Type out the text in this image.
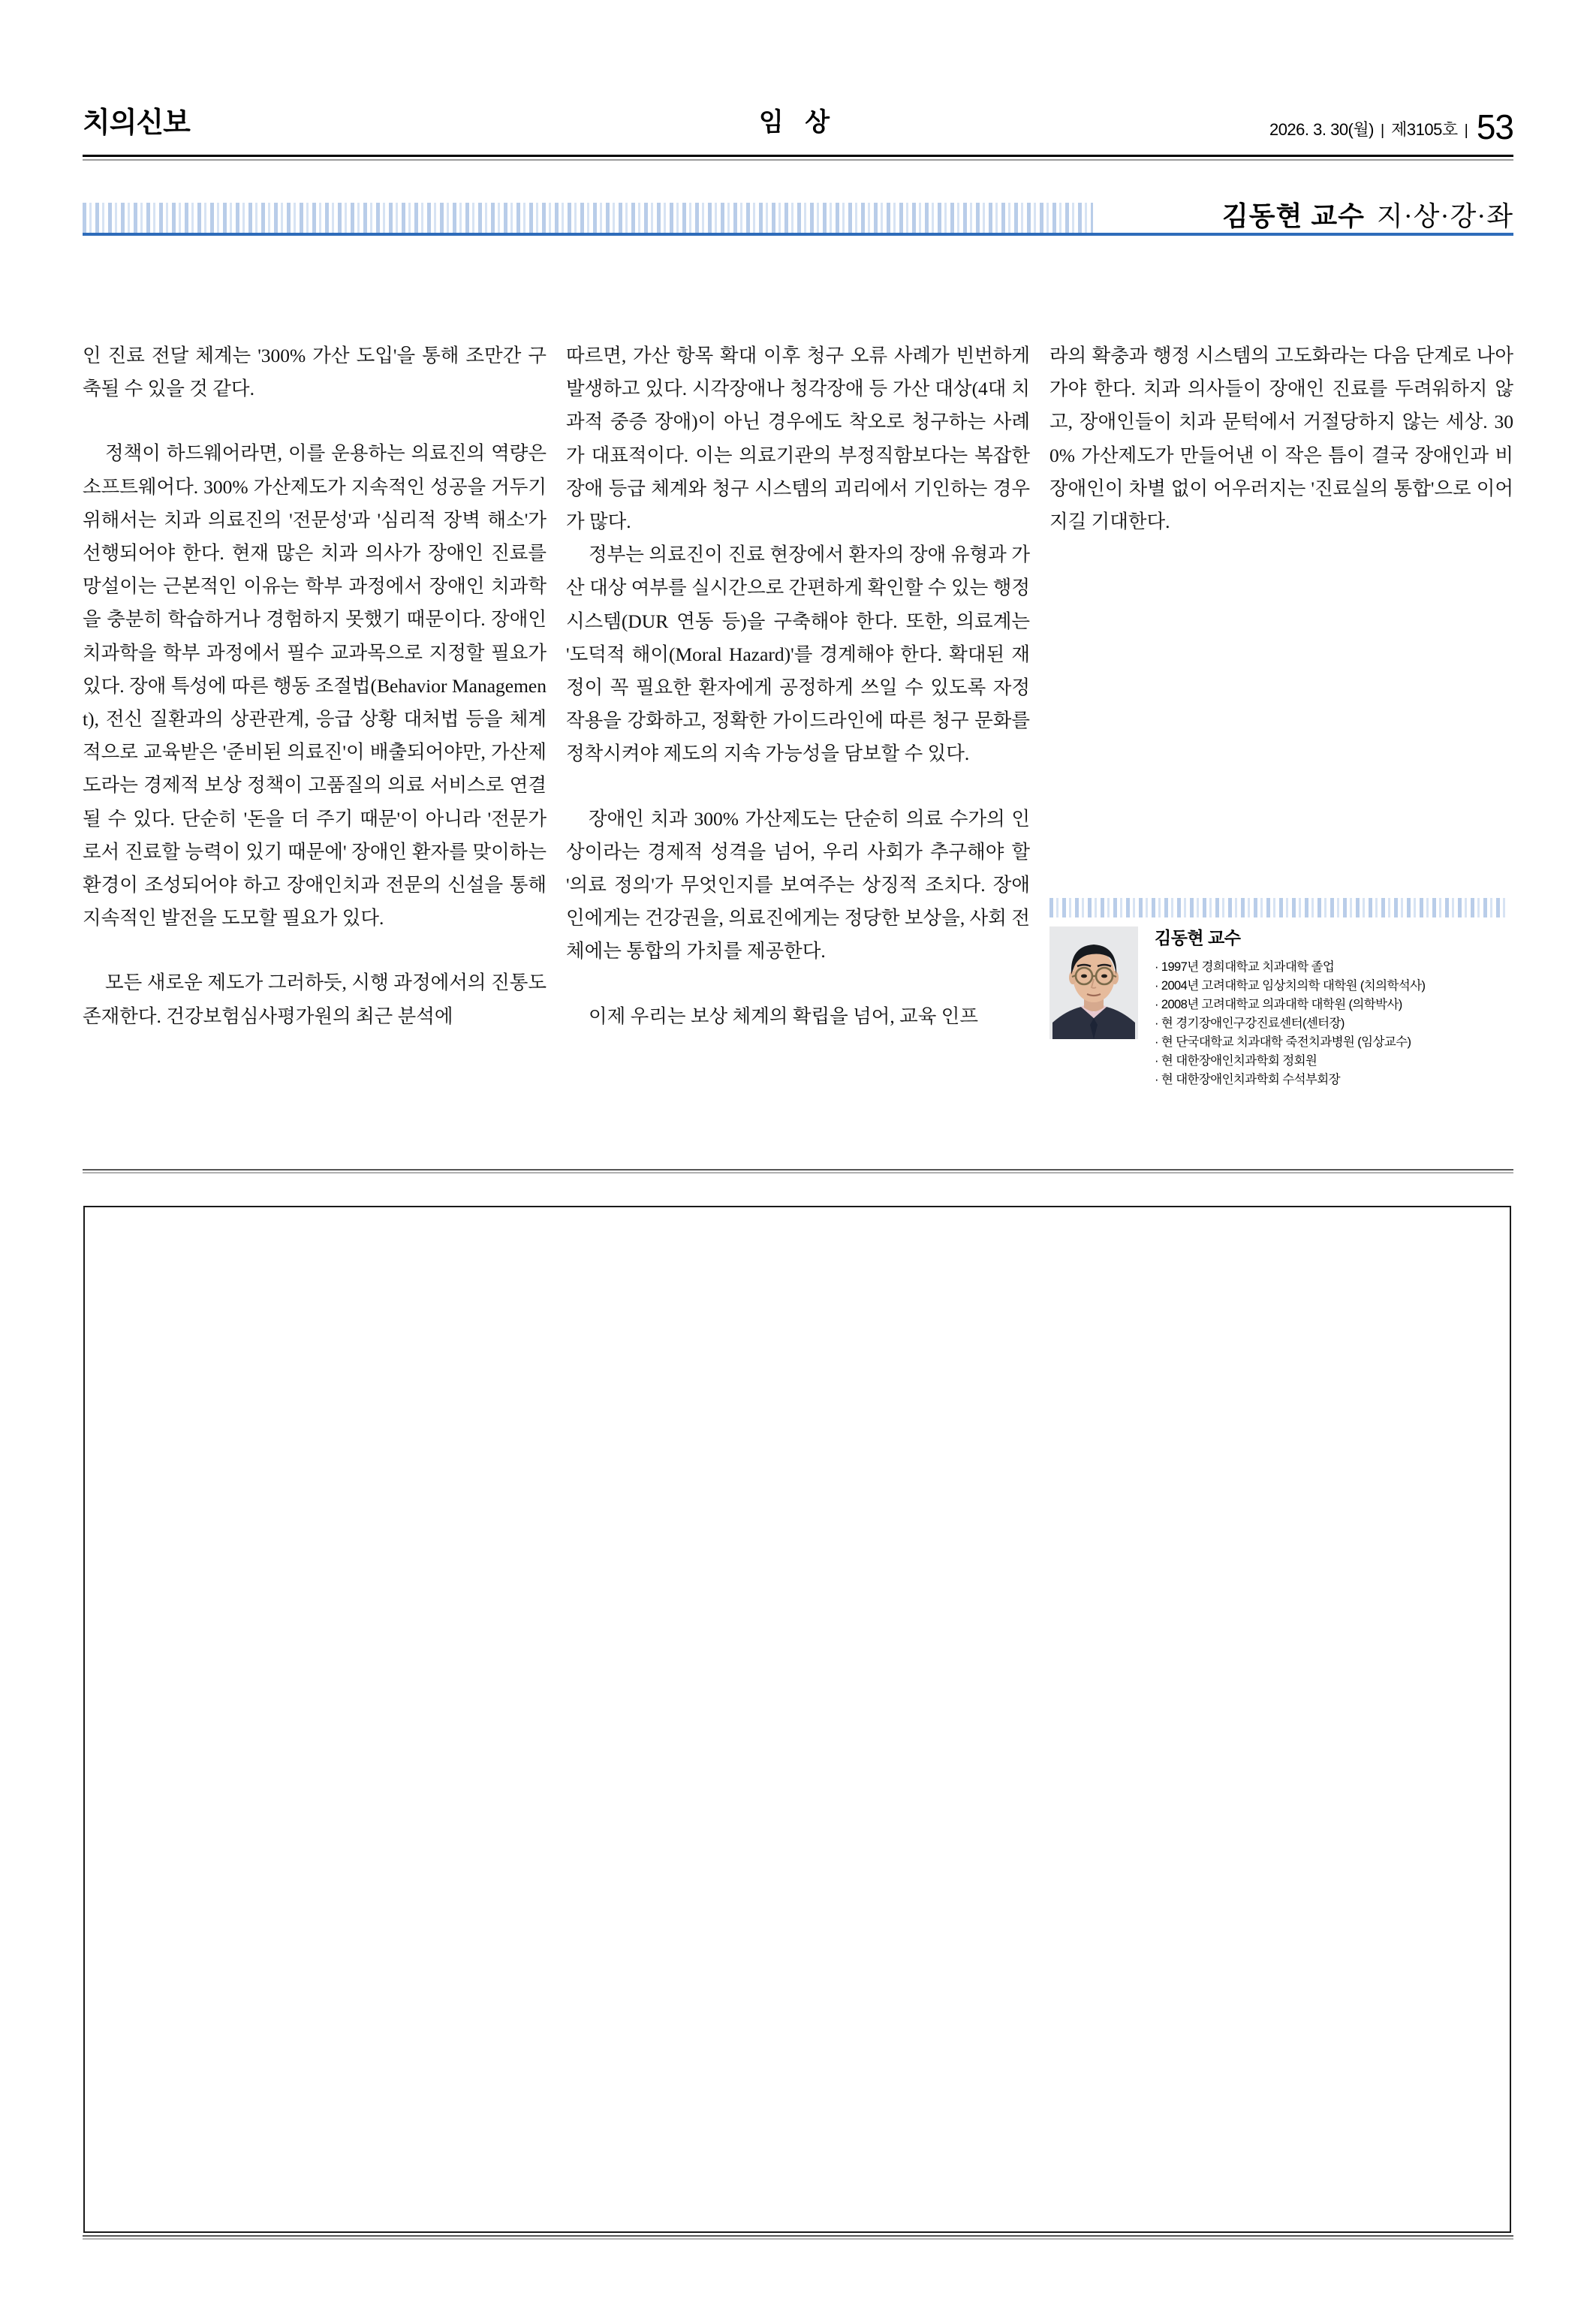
치의신보	임 상	2026. 3. 30(월) | 제3105호 | 53
김동현 교수 지·상·강·좌

인 진료 전달 체계는 '300% 가산 도입'을 통해 조만간 구축될 수 있을 것 같다.

정책이 하드웨어라면, 이를 운용하는 의료진의 역량은 소프트웨어다. 300% 가산제도가 지속적인 성공을 거두기 위해서는 치과 의료진의 '전문성'과 '심리적 장벽 해소'가 선행되어야 한다. 현재 많은 치과 의사가 장애인 진료를 망설이는 근본적인 이유는 학부 과정에서 장애인 치과학을 충분히 학습하거나 경험하지 못했기 때문이다. 장애인치과학을 학부 과정에서 필수 교과목으로 지정할 필요가 있다. 장애 특성에 따른 행동 조절법(Behavior Management), 전신 질환과의 상관관계, 응급 상황 대처법 등을 체계적으로 교육받은 '준비된 의료진'이 배출되어야만, 가산제도라는 경제적 보상 정책이 고품질의 의료 서비스로 연결될 수 있다. 단순히 '돈을 더 주기 때문'이 아니라 '전문가로서 진료할 능력이 있기 때문에' 장애인 환자를 맞이하는 환경이 조성되어야 하고 장애인치과 전문의 신설을 통해 지속적인 발전을 도모할 필요가 있다.

모든 새로운 제도가 그러하듯, 시행 과정에서의 진통도 존재한다. 건강보험심사평가원의 최근 분석에

따르면, 가산 항목 확대 이후 청구 오류 사례가 빈번하게 발생하고 있다. 시각장애나 청각장애 등 가산 대상(4대 치과적 중증 장애)이 아닌 경우에도 착오로 청구하는 사례가 대표적이다. 이는 의료기관의 부정직함보다는 복잡한 장애 등급 체계와 청구 시스템의 괴리에서 기인하는 경우가 많다.

정부는 의료진이 진료 현장에서 환자의 장애 유형과 가산 대상 여부를 실시간으로 간편하게 확인할 수 있는 행정 시스템(DUR 연동 등)을 구축해야 한다. 또한, 의료계는 '도덕적 해이(Moral Hazard)'를 경계해야 한다. 확대된 재정이 꼭 필요한 환자에게 공정하게 쓰일 수 있도록 자정 작용을 강화하고, 정확한 가이드라인에 따른 청구 문화를 정착시켜야 제도의 지속 가능성을 담보할 수 있다.

장애인 치과 300% 가산제도는 단순히 의료 수가의 인상이라는 경제적 성격을 넘어, 우리 사회가 추구해야 할 '의료 정의'가 무엇인지를 보여주는 상징적 조치다. 장애인에게는 건강권을, 의료진에게는 정당한 보상을, 사회 전체에는 통합의 가치를 제공한다.

이제 우리는 보상 체계의 확립을 넘어, 교육 인프

라의 확충과 행정 시스템의 고도화라는 다음 단계로 나아가야 한다. 치과 의사들이 장애인 진료를 두려워하지 않고, 장애인들이 치과 문턱에서 거절당하지 않는 세상. 300% 가산제도가 만들어낸 이 작은 틈이 결국 장애인과 비장애인이 차별 없이 어우러지는 '진료실의 통합'으로 이어지길 기대한다.

김동현 교수
· 1997년 경희대학교 치과대학 졸업
· 2004년 고려대학교 임상치의학 대학원 (치의학석사)
· 2008년 고려대학교 의과대학 대학원 (의학박사)
· 현 경기장애인구강진료센터(센터장)
· 현 단국대학교 치과대학 죽전치과병원 (임상교수)
· 현 대한장애인치과학회 정회원
· 현 대한장애인치과학회 수석부회장
